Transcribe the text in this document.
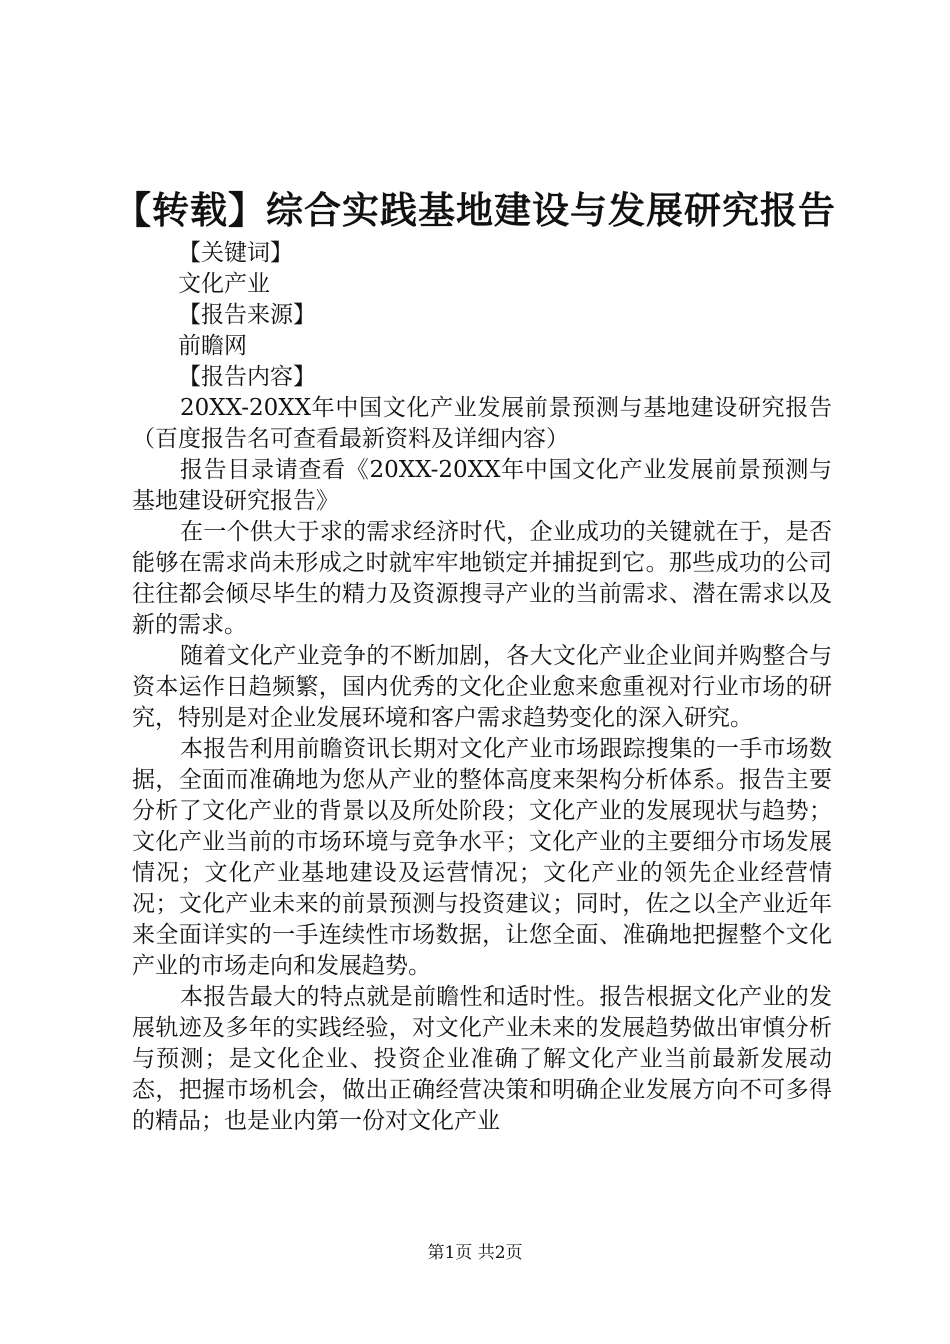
【转载】综合实践基地建设与发展研究报告

【关键词】

文化产业

【报告来源】

前瞻网

【报告内容】

20XX-20XX年中国文化产业发展前景预测与基地建设研究报告（百度报告名可查看最新资料及详细内容）

报告目录请查看《20XX-20XX年中国文化产业发展前景预测与基地建设研究报告》

在一个供大于求的需求经济时代，企业成功的关键就在于，是否能够在需求尚未形成之时就牢牢地锁定并捕捉到它。那些成功的公司往往都会倾尽毕生的精力及资源搜寻产业的当前需求、潜在需求以及新的需求。

随着文化产业竞争的不断加剧，各大文化产业企业间并购整合与资本运作日趋频繁，国内优秀的文化企业愈来愈重视对行业市场的研究，特别是对企业发展环境和客户需求趋势变化的深入研究。

本报告利用前瞻资讯长期对文化产业市场跟踪搜集的一手市场数据，全面而准确地为您从产业的整体高度来架构分析体系。报告主要分析了文化产业的背景以及所处阶段；文化产业的发展现状与趋势；文化产业当前的市场环境与竞争水平；文化产业的主要细分市场发展情况；文化产业基地建设及运营情况；文化产业的领先企业经营情况；文化产业未来的前景预测与投资建议；同时，佐之以全产业近年来全面详实的一手连续性市场数据，让您全面、准确地把握整个文化产业的市场走向和发展趋势。

本报告最大的特点就是前瞻性和适时性。报告根据文化产业的发展轨迹及多年的实践经验，对文化产业未来的发展趋势做出审慎分析与预测；是文化企业、投资企业准确了解文化产业当前最新发展动态，把握市场机会，做出正确经营决策和明确企业发展方向不可多得的精品；也是业内第一份对文化产业

第1页 共2页
